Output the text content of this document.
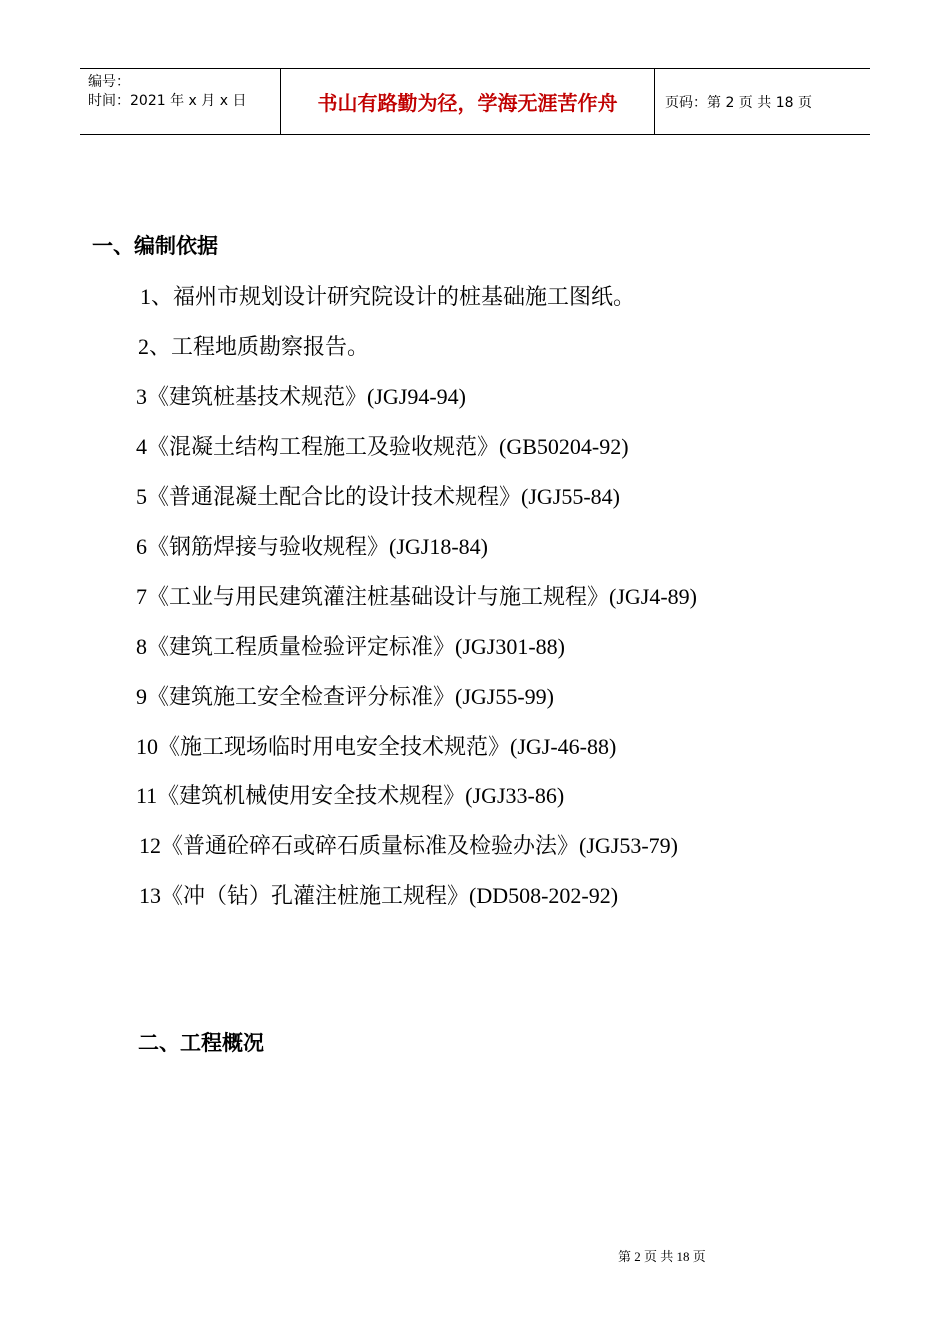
编号：
时间：2021 年 x 月 x 日	书山有路勤为径，学海无涯苦作舟	页码：第 2 页 共 18 页
一、编制依据
1、福州市规划设计研究院设计的桩基础施工图纸。
2、工程地质勘察报告。
3《建筑桩基技术规范》(JGJ94-94)
4《混凝土结构工程施工及验收规范》(GB50204-92)
5《普通混凝土配合比的设计技术规程》(JGJ55-84)
6《钢筋焊接与验收规程》(JGJ18-84)
7《工业与用民建筑灌注桩基础设计与施工规程》(JGJ4-89)
8《建筑工程质量检验评定标准》(JGJ301-88)
9《建筑施工安全检查评分标准》(JGJ55-99)
10《施工现场临时用电安全技术规范》(JGJ-46-88)
11《建筑机械使用安全技术规程》(JGJ33-86)
12《普通砼碎石或碎石质量标准及检验办法》(JGJ53-79)
13《冲（钻）孔灌注桩施工规程》(DD508-202-92)
二、工程概况
第 2 页 共 18 页
